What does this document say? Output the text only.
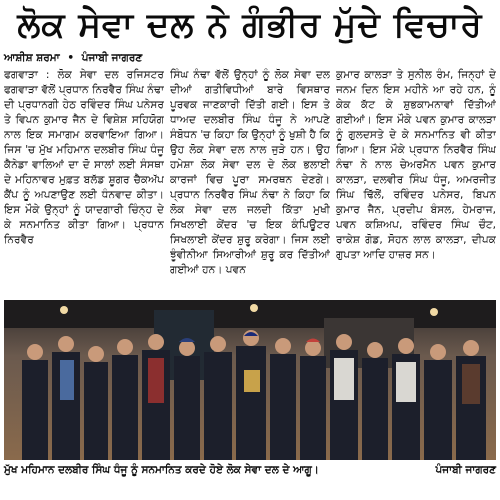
ਲੋਕ ਸੇਵਾ ਦਲ ਨੇ ਗੰਭੀਰ ਮੁੱਦੇ ਵਿਚਾਰੇ
ਆਸ਼ੀਸ਼ ਸ਼ਰਮਾ • ਪੰਜਾਬੀ ਜਾਗਰਣ
ਫਗਵਾੜਾ : ਲੋਕ ਸੇਵਾ ਦਲ ਰਜਿਸਟਰ ਫਗਵਾੜਾ ਵੱਲੋਂ ਪ੍ਰਧਾਨ ਨਿਰਵੈਰ ਸਿੰਘ ਨੰਢਾ ਦੀ ਪ੍ਰਧਾਨਗੀ ਹੇਠ ਰਵਿੰਦਰ ਸਿੰਘ ਪਨੇਸਰ ਤੇ ਵਿਪਨ ਕੁਮਾਰ ਜੈਨ ਦੇ ਵਿਸ਼ੇਸ਼ ਸਹਿਯੋਗ ਨਾਲ ਇਕ ਸਮਾਗਮ ਕਰਵਾਇਆ ਗਿਆ। ਜਿਸ 'ਚ ਮੁੱਖ ਮਹਿਮਾਨ ਦਲਬੀਰ ਸਿੰਘ ਧੰਜੂ ਕੈਨੇਡਾ ਵਾਲਿਆਂ ਦਾ ਦੋ ਸਾਲਾਂ ਲਈ ਸੰਸਥਾ ਦੇ ਮਹਿਨਾਵਰ ਮੁਫ਼ਤ ਬਲੱਡ ਸ਼ੂਗਰ ਚੈਕਅੱਪ ਕੈਂਪ ਨੂੰ ਅਪਣਾਉਣ ਲਈ ਧੰਨਵਾਦ ਕੀਤਾ। ਇਸ ਮੌਕੇ ਉਨ੍ਹਾਂ ਨੂੰ ਯਾਦਗਾਰੀ ਚਿੰਨ੍ਹ ਦੇ ਕੇ ਸਨਮਾਨਿਤ ਕੀਤਾ ਗਿਆ। ਪ੍ਰਧਾਨ ਨਿਰਵੈਰ
ਸਿੰਘ ਨੰਢਾ ਵੱਲੋਂ ਉਨ੍ਹਾਂ ਨੂੰ ਲੋਕ ਸੇਵਾ ਦਲ ਦੀਆਂ ਗਤੀਵਿਧੀਆਂ ਬਾਰੇ ਵਿਸਥਾਰ ਪੂਰਵਕ ਜਾਣਕਾਰੀ ਦਿੱਤੀ ਗਈ। ਇਸ ਤੇ ਧਾਅਦ ਦਲਬੀਰ ਸਿੰਘ ਧੰਜੂ ਨੇ ਆਪਣੇ ਸੰਬੋਧਨ 'ਚ ਕਿਹਾ ਕਿ ਉਨ੍ਹਾਂ ਨੂੰ ਖੁਸ਼ੀ ਹੈ ਕਿ ਉਹ ਲੋਕ ਸੇਵਾ ਦਲ ਨਾਲ ਜੁੜੇ ਹਨ। ਉਹ ਹਮੇਸ਼ਾ ਲੋਕ ਸੇਵਾ ਦਲ ਦੇ ਲੋਕ ਭਲਾਈ ਕਾਰਜਾਂ ਵਿਚ ਪੂਰਾ ਸਮਰਥਨ ਦੇਣਗੇ। ਪ੍ਰਧਾਨ ਨਿਰਵੈਰ ਸਿੰਘ ਨੰਢਾ ਨੇ ਕਿਹਾ ਕਿ ਲੋਕ ਸੇਵਾ ਦਲ ਜਲਦੀ ਕਿੱਤਾ ਮੁਖੀ ਸਿਖਲਾਈ ਕੇਂਦਰ 'ਚ ਇਕ ਕੰਪਿਊਟਰ ਸਿਖਲਾਈ ਕੇਂਦਰ ਸ਼ੁਰੂ ਕਰੇਗਾ। ਜਿਸ ਲਈ ਝੂੰਵੀਨੀਆ ਸਿਆਰੀਆਂ ਸ਼ੁਰੂ ਕਰ ਦਿੱਤੀਆਂ ਗਈਆਂ ਹਨ। ਪਵਨ
ਕੁਮਾਰ ਕਾਲੜਾ ਤੇ ਸੁਨੀਲ ਰੰਮ, ਜਿਨ੍ਹਾਂ ਦੇ ਜਨਮ ਦਿਨ ਇਸ ਮਹੀਨੇ ਆ ਰਹੇ ਹਨ, ਨੂੰ ਕੇਕ ਕੱਟ ਕੇ ਸ਼ੁਭਕਾਮਨਾਵਾਂ ਦਿੱਤੀਆਂ ਗਈਆਂ। ਇਸ ਮੌਕੇ ਪਵਨ ਕੁਮਾਰ ਕਾਲੜਾ ਨੂੰ ਗੁਲਦਸਤੇ ਦੇ ਕੇ ਸਨਮਾਨਿਤ ਵੀ ਕੀਤਾ ਗਿਆ। ਇਸ ਮੌਕੇ ਪ੍ਰਧਾਨ ਨਿਰਵੈਰ ਸਿੰਘ ਨੰਢਾ ਨੇ ਨਾਲ ਚੇਅਰਮੈਨ ਪਵਨ ਕੁਮਾਰ ਕਾਲੜਾ, ਦਲਵੀਰ ਸਿੰਘ ਧੰਜੂ, ਅਮਰਜੀਤ ਸਿੰਘ ਢਿੱਲੋਂ, ਰਵਿੰਦਰ ਪਨੇਸਰ, ਬਿਪਨ ਕੁਮਾਰ ਜੈਨ, ਪ੍ਰਦੀਪ ਬੰਸਲ, ਹੇਮਰਾਜ, ਪਵਨ ਕਸ਼ਿਅਪ, ਰਵਿੰਦਰ ਸਿੰਘ ਚੌਟ, ਰਾਕੇਸ਼ ਗੋਡ, ਸੋਹਨ ਲਾਲ ਕਾਲੜਾ, ਦੀਪਕ ਗੁਪਤਾ ਆਦਿ ਹਾਜ਼ਰ ਸਨ।
ਮੁੱਖ ਮਹਿਮਾਨ ਦਲਬੀਰ ਸਿੰਘ ਧੰਜੂ ਨੂੰ ਸਨਮਾਨਿਤ ਕਰਦੇ ਹੋਏ ਲੋਕ ਸੇਵਾ ਦਲ ਦੇ ਆਗੂ।	ਪੰਜਾਬੀ ਜਾਗਰਣ
